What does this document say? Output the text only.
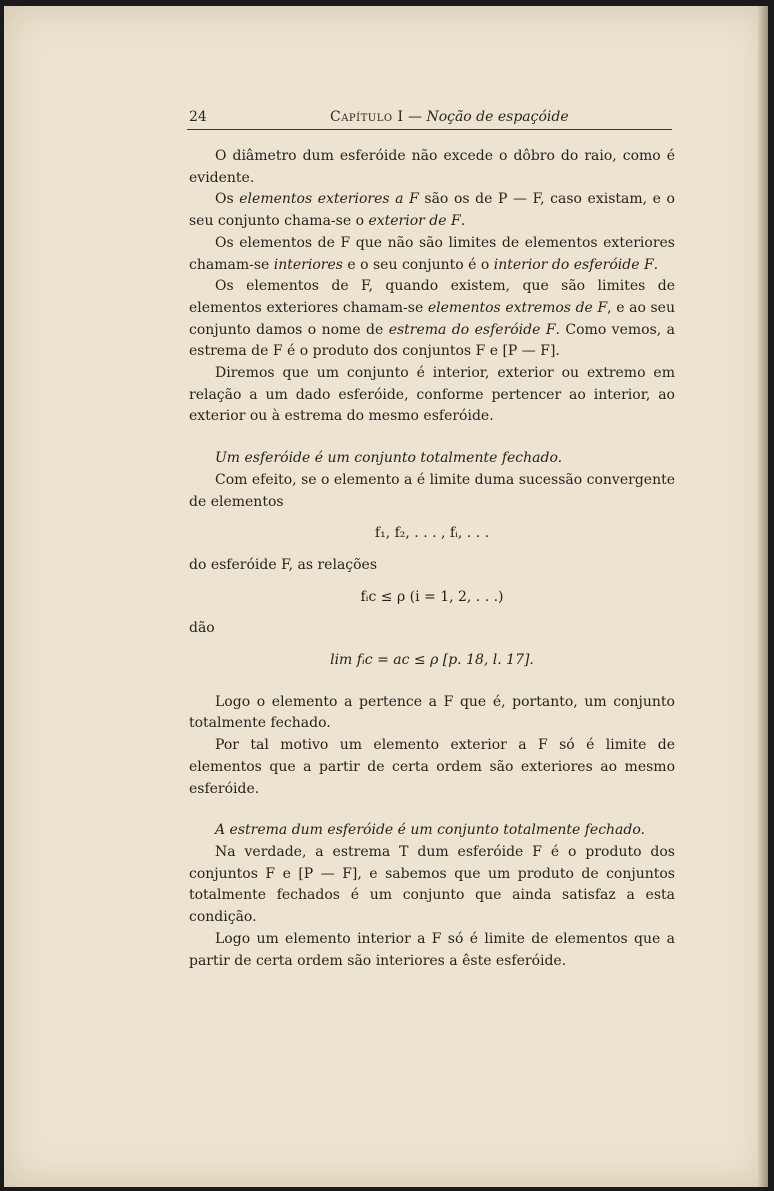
24	Capítulo I — Noção de espaçóide

O diâmetro dum esferóide não excede o dôbro do raio, como é evidente.

Os elementos exteriores a F são os de P — F, caso existam, e o seu conjunto chama-se o exterior de F.

Os elementos de F que não são limites de elementos exteriores chamam-se interiores e o seu conjunto é o interior do esferóide F.

Os elementos de F, quando existem, que são limites de elementos exteriores chamam-se elementos extremos de F, e ao seu conjunto damos o nome de estrema do esferóide F. Como vemos, a estrema de F é o produto dos conjuntos F e [P — F].

Diremos que um conjunto é interior, exterior ou extremo em relação a um dado esferóide, conforme pertencer ao interior, ao exterior ou à estrema do mesmo esferóide.

Um esferóide é um conjunto totalmente fechado.

Com efeito, se o elemento a é limite duma sucessão convergente de elementos

f₁, f₂, . . . , fᵢ, . . .

do esferóide F, as relações

fᵢc ≤ ρ (i = 1, 2, . . .)

dão

lim fᵢc = ac ≤ ρ [p. 18, l. 17].

Logo o elemento a pertence a F que é, portanto, um conjunto totalmente fechado.

Por tal motivo um elemento exterior a F só é limite de elementos que a partir de certa ordem são exteriores ao mesmo esferóide.

A estrema dum esferóide é um conjunto totalmente fechado.

Na verdade, a estrema T dum esferóide F é o produto dos conjuntos F e [P — F], e sabemos que um produto de conjuntos totalmente fechados é um conjunto que ainda satisfaz a esta condição.

Logo um elemento interior a F só é limite de elementos que a partir de certa ordem são interiores a êste esferóide.
